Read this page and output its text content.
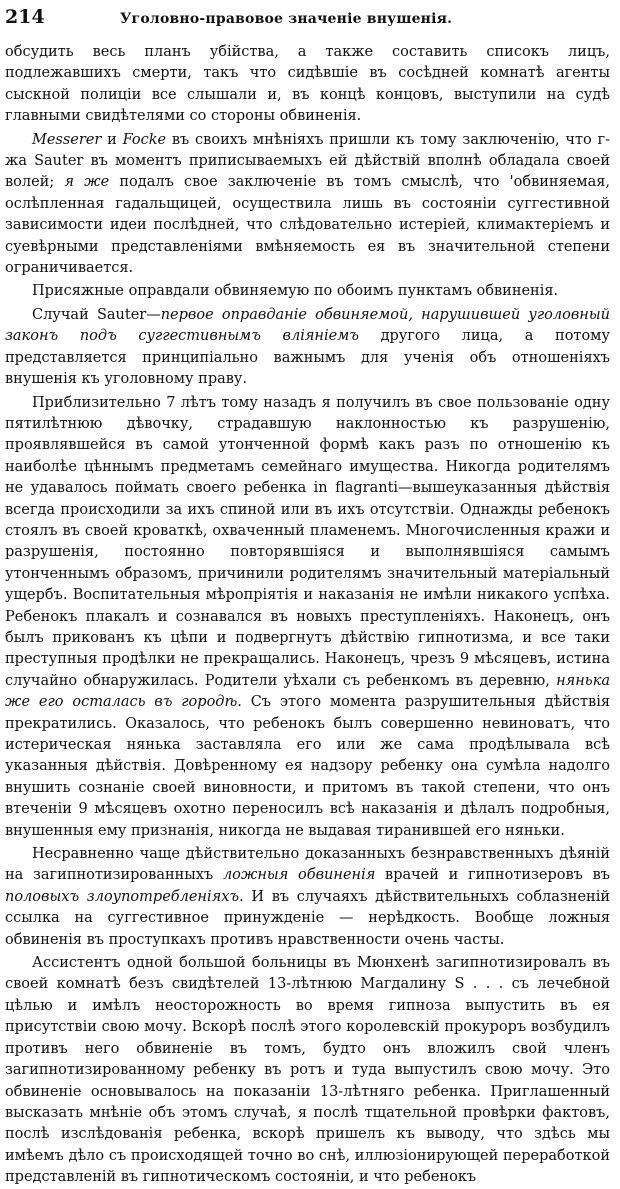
214	Уголовно-правовое значеніе внушенія.

обсудить весь планъ убійства, а также составить списокъ лицъ, подлежавшихъ смерти, такъ что сидѣвшіе въ сосѣдней комнатѣ агенты сыскной полиціи все слышали и, въ концѣ концовъ, выступили на судѣ главными свидѣтелями со стороны обвиненія.

Messerer и Focke въ своихъ мнѣніяхъ пришли къ тому заключенію, что г-жа Sauter въ моментъ приписываемыхъ ей дѣйствій вполнѣ обладала своей волей; я же подалъ свое заключеніе въ томъ смыслѣ, что 'обвиняемая, ослѣпленная гадальщицей, осуществила лишь въ состояніи суггестивной зависимости идеи послѣдней, что слѣдовательно истеріей, климактеріемъ и суевѣрными представленіями вмѣняемость ея въ значительной степени ограничивается.

Присяжные оправдали обвиняемую по обоимъ пунктамъ обвиненія.

Случай Sauter—первое оправданіе обвиняемой, нарушившей уголовный законъ подъ суггестивнымъ вліяніемъ другого лица, а потому представляется принципіально важнымъ для ученія объ отношеніяхъ внушенія къ уголовному праву.

Приблизительно 7 лѣтъ тому назадъ я получилъ въ свое пользованіе одну пятилѣтнюю дѣвочку, страдавшую наклонностью къ разрушенію, проявлявшейся въ самой утонченной формѣ какъ разъ по отношенію къ наиболѣе цѣннымъ предметамъ семейнаго имущества. Никогда родителямъ не удавалось поймать своего ребенка in flagranti—вышеуказанныя дѣйствія всегда происходили за ихъ спиной или въ ихъ отсутствіи. Однажды ребенокъ стоялъ въ своей кроваткѣ, охваченный пламенемъ. Многочисленныя кражи и разрушенія, постоянно повторявшіяся и выполнявшіяся самымъ утонченнымъ образомъ, причинили родителямъ значительный матеріальный ущербъ. Воспитательныя мѣропріятія и наказанія не имѣли никакого успѣха. Ребенокъ плакалъ и сознавался въ новыхъ преступленіяхъ. Наконецъ, онъ былъ прикованъ къ цѣпи и подвергнутъ дѣйствію гипнотизма, и все таки преступныя продѣлки не прекращались. Наконецъ, чрезъ 9 мѣсяцевъ, истина случайно обнаружилась. Родители уѣхали съ ребенкомъ въ деревню, нянька же его осталась въ городѣ. Съ этого момента разрушительныя дѣйствія прекратились. Оказалось, что ребенокъ былъ совершенно невиноватъ, что истерическая нянька заставляла его или же сама продѣлывала всѣ указанныя дѣйствія. Довѣренному ея надзору ребенку она сумѣла надолго внушить сознаніе своей виновности, и притомъ въ такой степени, что онъ втеченіи 9 мѣсяцевъ охотно переносилъ всѣ наказанія и дѣлалъ подробныя, внушенныя ему признанія, никогда не выдавая тиранившей его няньки.

Несравненно чаще дѣйствительно доказанныхъ безнравственныхъ дѣяній на загипнотизированныхъ ложныя обвиненія врачей и гипнотизеровъ въ половыхъ злоупотребленіяхъ. И въ случаяхъ дѣйствительныхъ соблазненій ссылка на суггестивное принужденіе — нерѣдкость. Вообще ложныя обвиненія въ проступкахъ противъ нравственности очень часты.

Ассистентъ одной большой больницы въ Мюнхенѣ загипнотизировалъ въ своей комнатѣ безъ свидѣтелей 13-лѣтнюю Магдалину S . . . съ лечебной цѣлью и имѣлъ неосторожность во время гипноза выпустить въ ея присутствіи свою мочу. Вскорѣ послѣ этого королевскій прокуроръ возбудилъ противъ него обвиненіе въ томъ, будто онъ вложилъ свой членъ загипнотизированному ребенку въ ротъ и туда выпустилъ свою мочу. Это обвиненіе основывалось на показаніи 13-лѣтняго ребенка. Приглашенный высказать мнѣніе объ этомъ случаѣ, я послѣ тщательной провѣрки фактовъ, послѣ изслѣдованія ребенка, вскорѣ пришелъ къ выводу, что здѣсь мы имѣемъ дѣло съ происходящей точно во снѣ, иллюзіонирующей переработкой представленій въ гипнотическомъ состояніи, и что ребенокъ
